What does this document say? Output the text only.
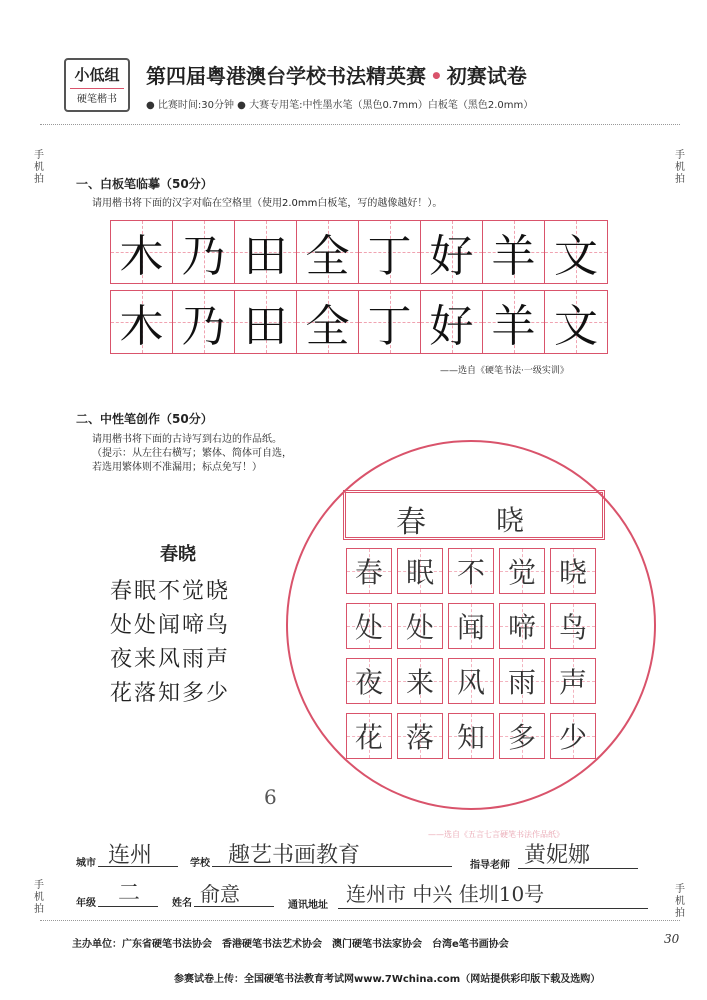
小低组
硬笔楷书
第四届粤港澳台学校书法精英赛 • 初赛试卷
● 比赛时间:30分钟 ● 大赛专用笔:中性墨水笔（黑色0.7mm）白板笔（黑色2.0mm）
手机拍
手机拍
手机拍
手机拍
一、白板笔临摹（50分）
请用楷书将下面的汉字对临在空格里（使用2.0mm白板笔，写的越像越好！）。
木 乃 田 全 丁 好 羊 文
木 乃 田 全 丁 好 羊 文
——选自《硬笔书法·一级实训》
二、中性笔创作（50分）
请用楷书将下面的古诗写到右边的作品纸。
（提示：从左往右横写；繁体、简体可自选，
若选用繁体则不准漏用；标点免写！）
春晓
春眠不觉晓
处处闻啼鸟
夜来风雨声
花落知多少
春	晓
春 眠 不 觉 晓
处 处 闻 啼 鸟
夜 来 风 雨 声
花 落 知 多 少
——选自《五言七言硬笔书法作品纸》
6
城市 连州	学校 趣艺书画教育	指导老师 黄妮娜
年级 二	姓名 俞意	通讯地址 连州市 中兴 佳圳10号
主办单位：广东省硬笔书法协会　香港硬笔书法艺术协会　澳门硬笔书法家协会　台湾e笔书画协会	30
参赛试卷上传：全国硬笔书法教育考试网www.7Wchina.com（网站提供彩印版下载及选购）
